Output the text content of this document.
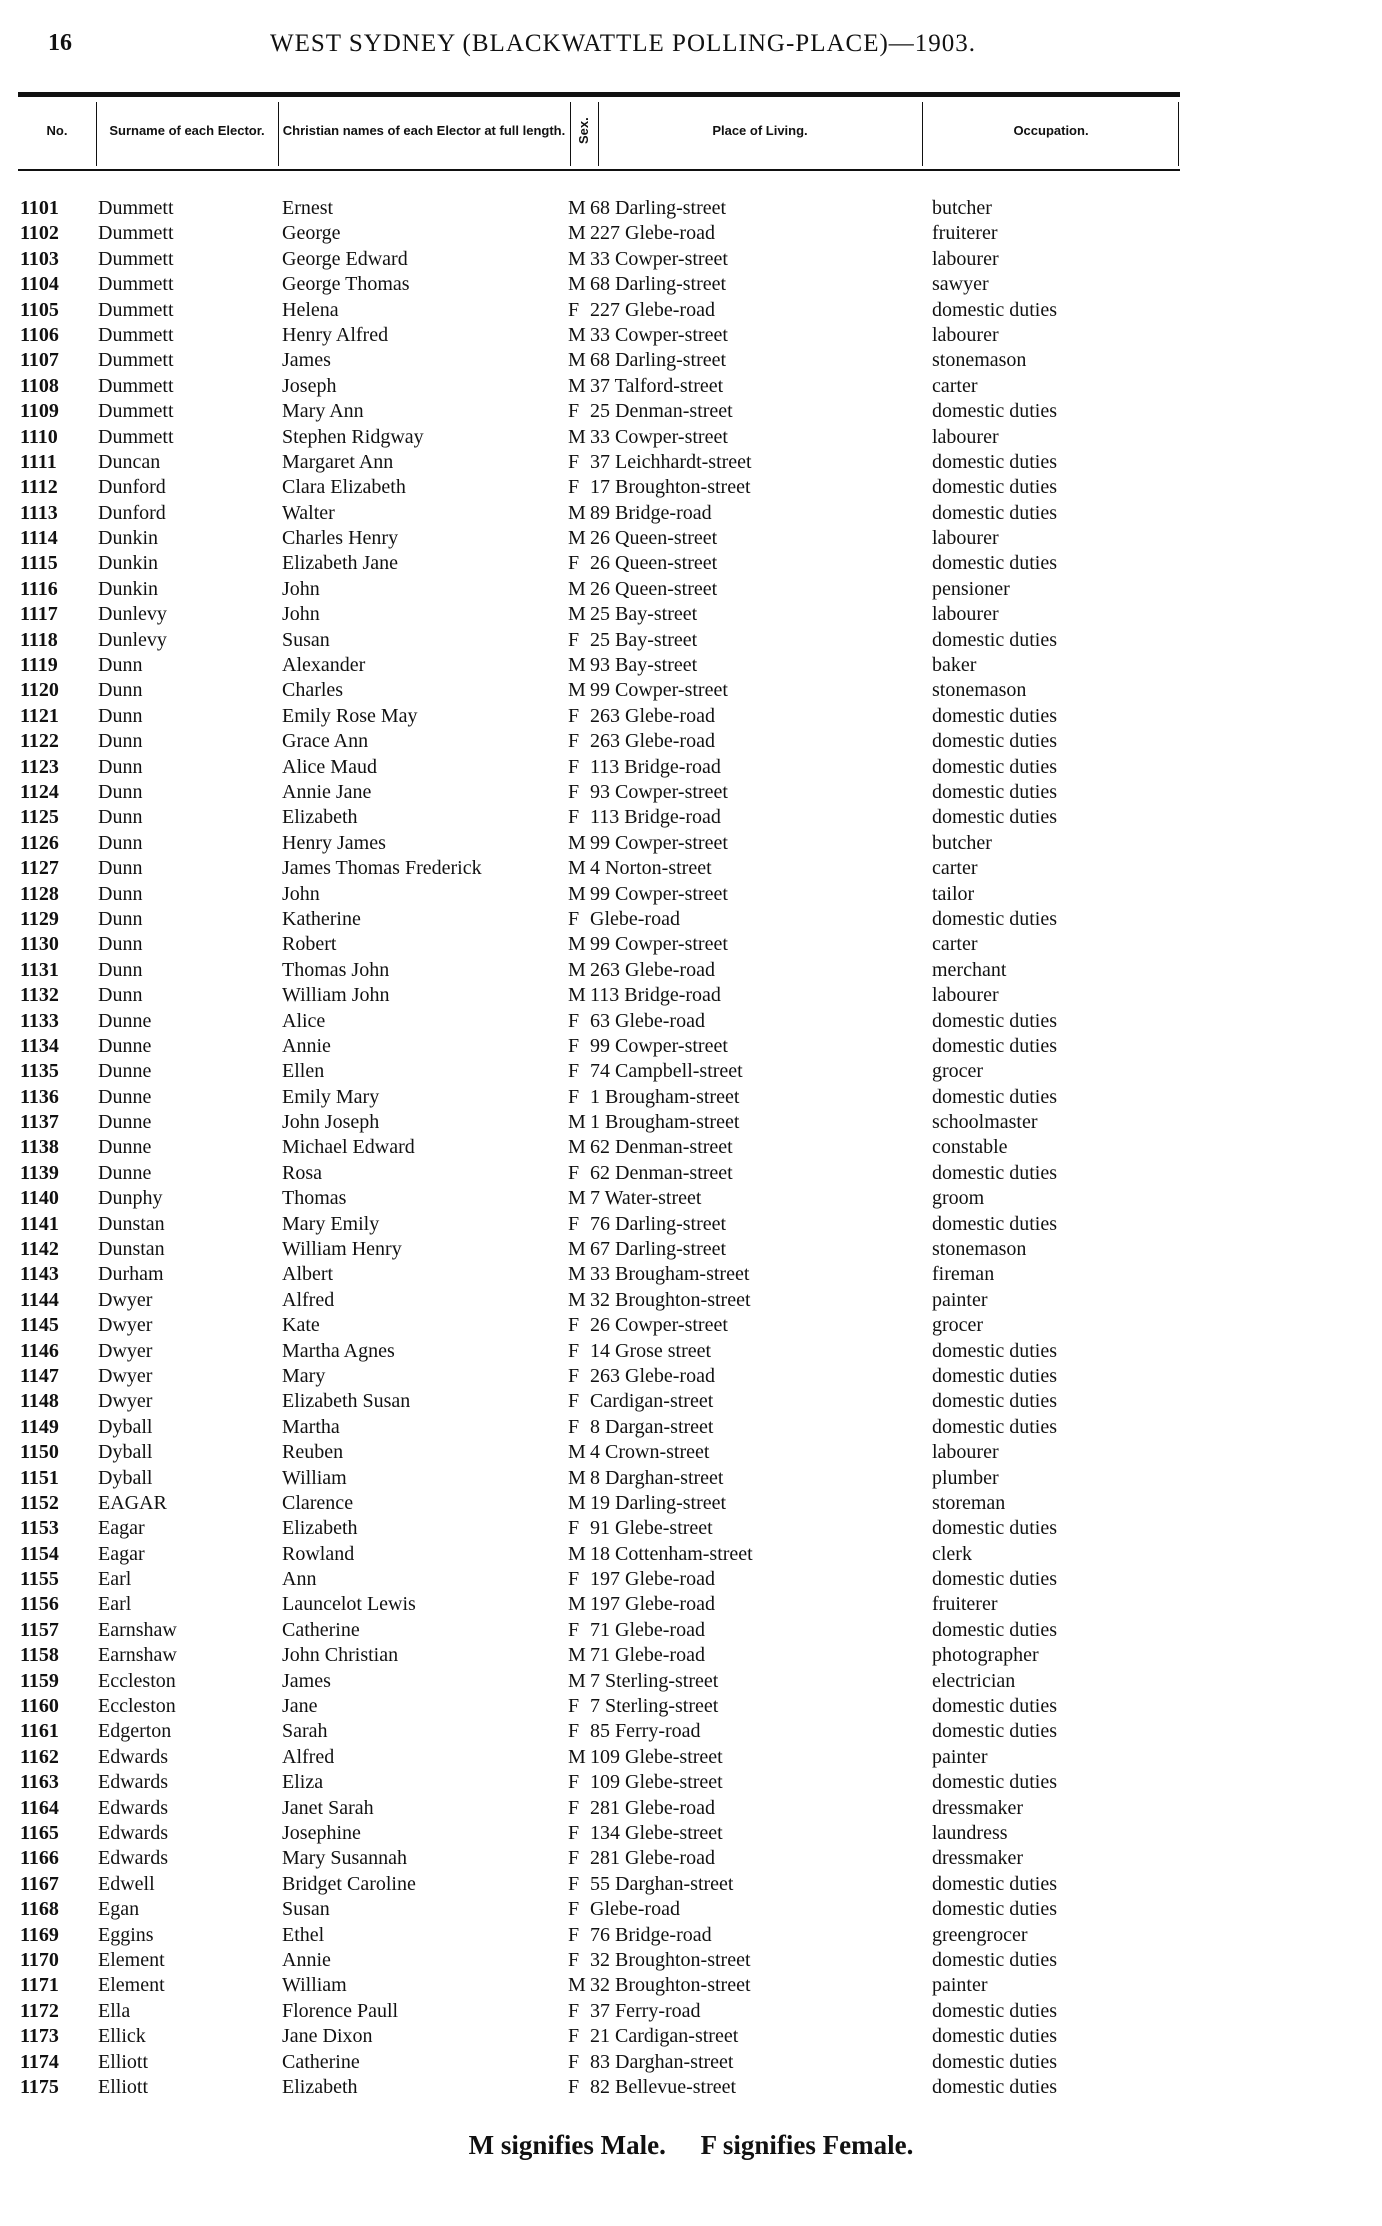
16	WEST SYDNEY (BLACKWATTLE POLLING-PLACE)—1903.
No.	Surname of each Elector.	Christian names of each Elector at full length. Sex.	Place of Living.	Occupation.
1101 Dummett	Ernest	M 68 Darling-street	butcher
1102 Dummett	George	M 227 Glebe-road	fruiterer
1103 Dummett	George Edward	M 33 Cowper-street	labourer
1104 Dummett	George Thomas	M 68 Darling-street	sawyer
1105 Dummett	Helena	F 227 Glebe-road	domestic duties
1106 Dummett	Henry Alfred	M 33 Cowper-street	labourer
1107 Dummett	James	M 68 Darling-street	stonemason
1108 Dummett	Joseph	M 37 Talford-street	carter
1109 Dummett	Mary Ann	F 25 Denman-street	domestic duties
1110 Dummett	Stephen Ridgway	M 33 Cowper-street	labourer
1111 Duncan	Margaret Ann	F 37 Leichhardt-street	domestic duties
1112 Dunford	Clara Elizabeth	F 17 Broughton-street	domestic duties
1113 Dunford	Walter	M 89 Bridge-road	domestic duties
1114 Dunkin	Charles Henry	M 26 Queen-street	labourer
1115 Dunkin	Elizabeth Jane	F 26 Queen-street	domestic duties
1116 Dunkin	John	M 26 Queen-street	pensioner
1117 Dunlevy	John	M 25 Bay-street	labourer
1118 Dunlevy	Susan	F 25 Bay-street	domestic duties
1119 Dunn	Alexander	M 93 Bay-street	baker
1120 Dunn	Charles	M 99 Cowper-street	stonemason
1121 Dunn	Emily Rose May	F 263 Glebe-road	domestic duties
1122 Dunn	Grace Ann	F 263 Glebe-road	domestic duties
1123 Dunn	Alice Maud	F 113 Bridge-road	domestic duties
1124 Dunn	Annie Jane	F 93 Cowper-street	domestic duties
1125 Dunn	Elizabeth	F 113 Bridge-road	domestic duties
1126 Dunn	Henry James	M 99 Cowper-street	butcher
1127 Dunn	James Thomas Frederick	M 4 Norton-street	carter
1128 Dunn	John	M 99 Cowper-street	tailor
1129 Dunn	Katherine	F Glebe-road	domestic duties
1130 Dunn	Robert	M 99 Cowper-street	carter
1131 Dunn	Thomas John	M 263 Glebe-road	merchant
1132 Dunn	William John	M 113 Bridge-road	labourer
1133 Dunne	Alice	F 63 Glebe-road	domestic duties
1134 Dunne	Annie	F 99 Cowper-street	domestic duties
1135 Dunne	Ellen	F 74 Campbell-street	grocer
1136 Dunne	Emily Mary	F 1 Brougham-street	domestic duties
1137 Dunne	John Joseph	M 1 Brougham-street	schoolmaster
1138 Dunne	Michael Edward	M 62 Denman-street	constable
1139 Dunne	Rosa	F 62 Denman-street	domestic duties
1140 Dunphy	Thomas	M 7 Water-street	groom
1141 Dunstan	Mary Emily	F 76 Darling-street	domestic duties
1142 Dunstan	William Henry	M 67 Darling-street	stonemason
1143 Durham	Albert	M 33 Brougham-street	fireman
1144 Dwyer	Alfred	M 32 Broughton-street	painter
1145 Dwyer	Kate	F 26 Cowper-street	grocer
1146 Dwyer	Martha Agnes	F 14 Grose street	domestic duties
1147 Dwyer	Mary	F 263 Glebe-road	domestic duties
1148 Dwyer	Elizabeth Susan	F Cardigan-street	domestic duties
1149 Dyball	Martha	F 8 Dargan-street	domestic duties
1150 Dyball	Reuben	M 4 Crown-street	labourer
1151 Dyball	William	M 8 Darghan-street	plumber
1152 EAGAR	Clarence	M 19 Darling-street	storeman
1153 Eagar	Elizabeth	F 91 Glebe-street	domestic duties
1154 Eagar	Rowland	M 18 Cottenham-street	clerk
1155 Earl	Ann	F 197 Glebe-road	domestic duties
1156 Earl	Launcelot Lewis	M 197 Glebe-road	fruiterer
1157 Earnshaw	Catherine	F 71 Glebe-road	domestic duties
1158 Earnshaw	John Christian	M 71 Glebe-road	photographer
1159 Eccleston	James	M 7 Sterling-street	electrician
1160 Eccleston	Jane	F 7 Sterling-street	domestic duties
1161 Edgerton	Sarah	F 85 Ferry-road	domestic duties
1162 Edwards	Alfred	M 109 Glebe-street	painter
1163 Edwards	Eliza	F 109 Glebe-street	domestic duties
1164 Edwards	Janet Sarah	F 281 Glebe-road	dressmaker
1165 Edwards	Josephine	F 134 Glebe-street	laundress
1166 Edwards	Mary Susannah	F 281 Glebe-road	dressmaker
1167 Edwell	Bridget Caroline	F 55 Darghan-street	domestic duties
1168 Egan	Susan	F Glebe-road	domestic duties
1169 Eggins	Ethel	F 76 Bridge-road	greengrocer
1170 Element	Annie	F 32 Broughton-street	domestic duties
1171 Element	William	M 32 Broughton-street	painter
1172 Ella	Florence Paull	F 37 Ferry-road	domestic duties
1173 Ellick	Jane Dixon	F 21 Cardigan-street	domestic duties
1174 Elliott	Catherine	F 83 Darghan-street	domestic duties
1175 Elliott	Elizabeth	F 82 Bellevue-street	domestic duties
M signifies Male. F signifies Female.
